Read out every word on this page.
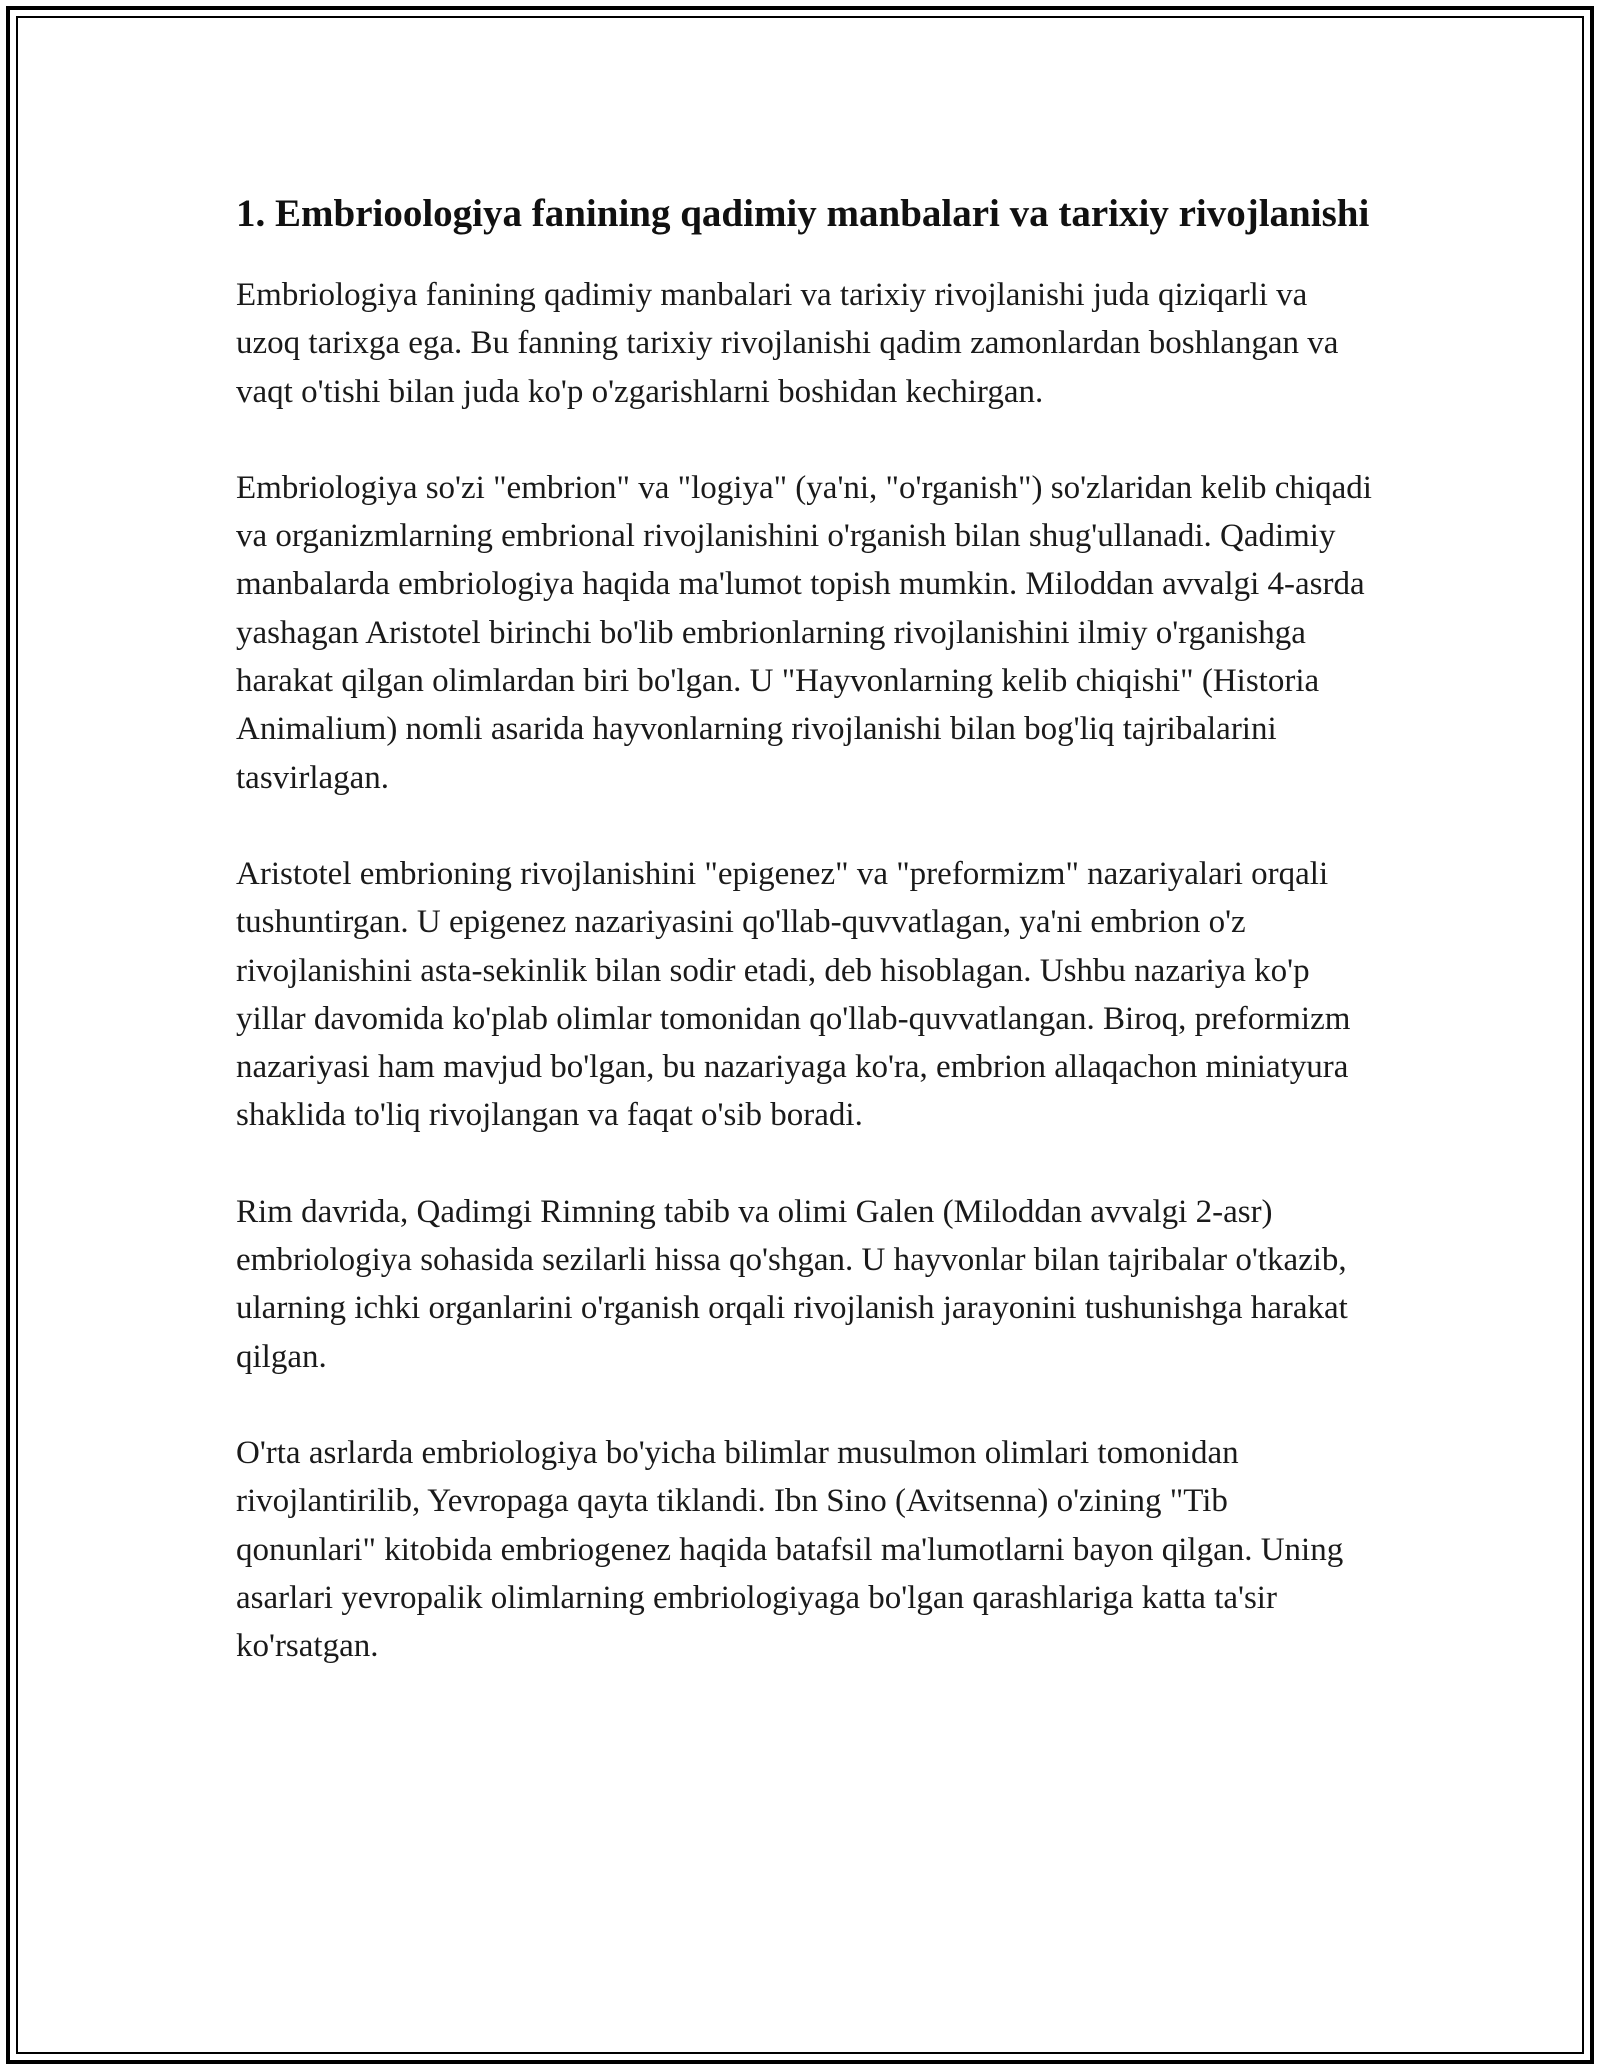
1. Embrioologiya fanining qadimiy manbalari va tarixiy rivojlanishi

Embriologiya fanining qadimiy manbalari va tarixiy rivojlanishi juda qiziqarli va uzoq tarixga ega. Bu fanning tarixiy rivojlanishi qadim zamonlardan boshlangan va vaqt o'tishi bilan juda ko'p o'zgarishlarni boshidan kechirgan.

Embriologiya so'zi "embrion" va "logiya" (ya'ni, "o'rganish") so'zlaridan kelib chiqadi va organizmlarning embrional rivojlanishini o'rganish bilan shug'ullanadi. Qadimiy manbalarda embriologiya haqida ma'lumot topish mumkin. Miloddan avvalgi 4-asrda yashagan Aristotel birinchi bo'lib embrionlarning rivojlanishini ilmiy o'rganishga harakat qilgan olimlardan biri bo'lgan. U "Hayvonlarning kelib chiqishi" (Historia Animalium) nomli asarida hayvonlarning rivojlanishi bilan bog'liq tajribalarini tasvirlagan.

Aristotel embrioning rivojlanishini "epigenez" va "preformizm" nazariyalari orqali tushuntirgan. U epigenez nazariyasini qo'llab-quvvatlagan, ya'ni embrion o'z rivojlanishini asta-sekinlik bilan sodir etadi, deb hisoblagan. Ushbu nazariya ko'p yillar davomida ko'plab olimlar tomonidan qo'llab-quvvatlangan. Biroq, preformizm nazariyasi ham mavjud bo'lgan, bu nazariyaga ko'ra, embrion allaqachon miniatyura shaklida to'liq rivojlangan va faqat o'sib boradi.

Rim davrida, Qadimgi Rimning tabib va olimi Galen (Miloddan avvalgi 2-asr) embriologiya sohasida sezilarli hissa qo'shgan. U hayvonlar bilan tajribalar o'tkazib, ularning ichki organlarini o'rganish orqali rivojlanish jarayonini tushunishga harakat qilgan.

O'rta asrlarda embriologiya bo'yicha bilimlar musulmon olimlari tomonidan rivojlantirilib, Yevropaga qayta tiklandi. Ibn Sino (Avitsenna) o'zining "Tib qonunlari" kitobida embriogenez haqida batafsil ma'lumotlarni bayon qilgan. Uning asarlari yevropalik olimlarning embriologiyaga bo'lgan qarashlariga katta ta'sir ko'rsatgan.
